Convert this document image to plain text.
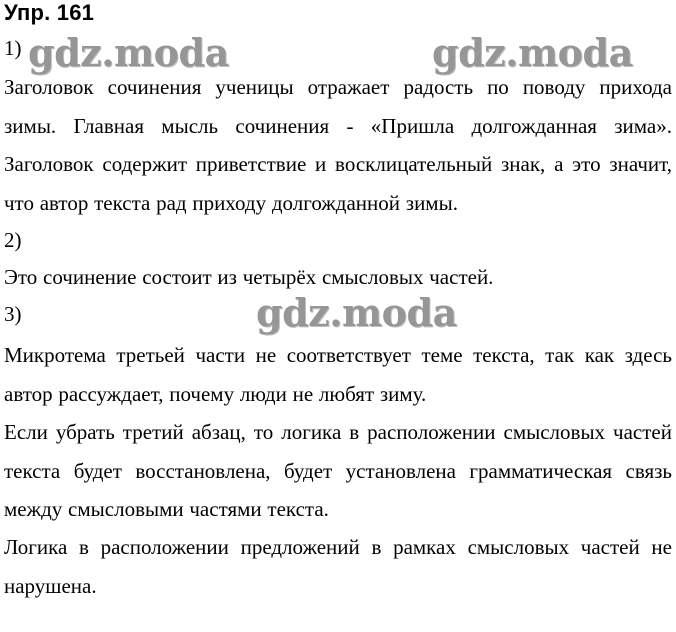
Упр. 161
gdz.moda	gdz.moda
gdz.moda
1)
Заголовок сочинения ученицы отражает радость по поводу прихода зимы. Главная мысль сочинения - «Пришла долгожданная зима». Заголовок содержит приветствие и восклицательный знак, а это значит, что автор текста рад приходу долгожданной зимы.
2)
Это сочинение состоит из четырёх смысловых частей.
3)
Микротема третьей части не соответствует теме текста, так как здесь автор рассуждает, почему люди не любят зиму.
Если убрать третий абзац, то логика в расположении смысловых частей текста будет восстановлена, будет установлена грамматическая связь между смысловыми частями текста.
Логика в расположении предложений в рамках смысловых частей не нарушена.
